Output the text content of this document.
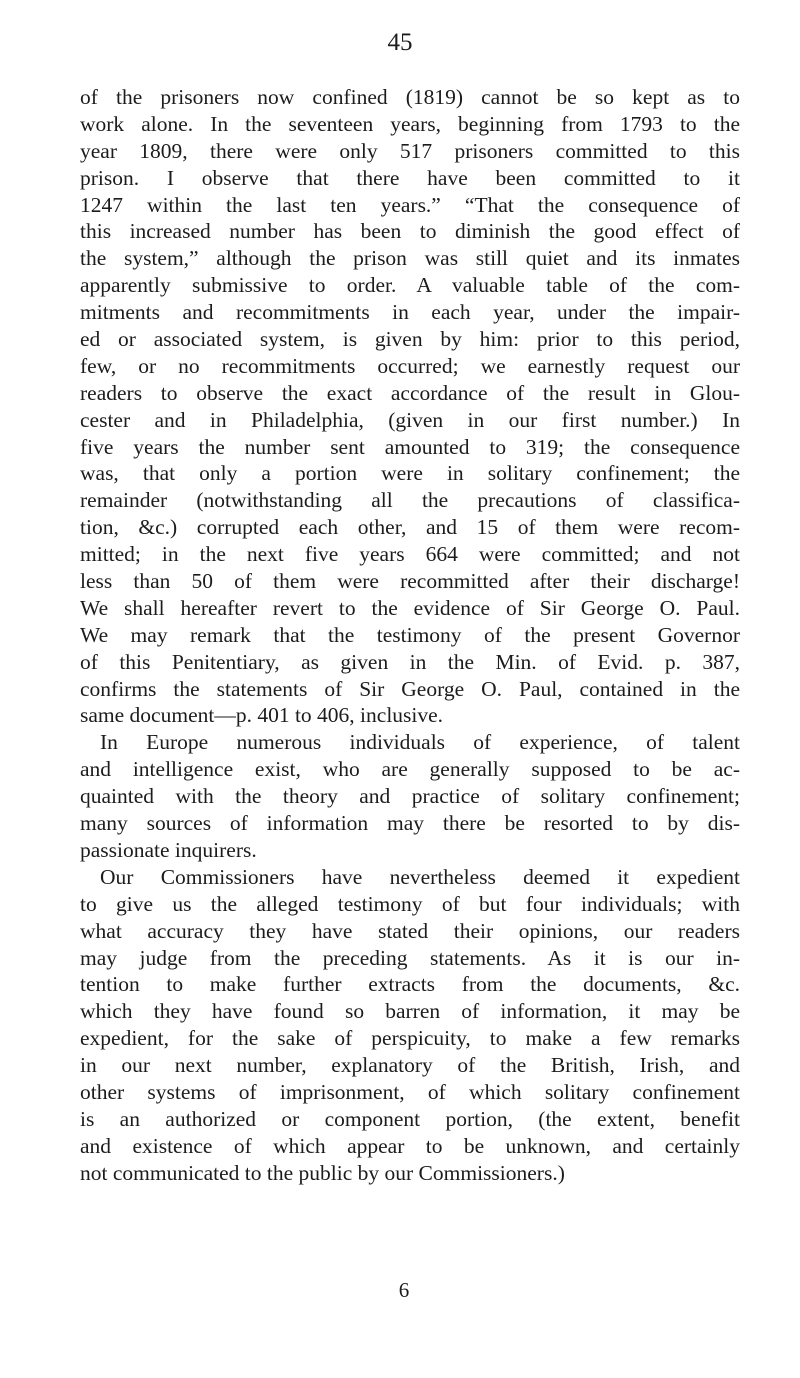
45
of the prisoners now confined (1819) cannot be so kept as to
work alone. In the seventeen years, beginning from 1793 to the
year 1809, there were only 517 prisoners committed to this
prison. I observe that there have been committed to it
1247 within the last ten years.” “That the consequence of
this increased number has been to diminish the good effect of
the system,” although the prison was still quiet and its inmates
apparently submissive to order. A valuable table of the com-
mitments and recommitments in each year, under the impair-
ed or associated system, is given by him: prior to this period,
few, or no recommitments occurred; we earnestly request our
readers to observe the exact accordance of the result in Glou-
cester and in Philadelphia, (given in our first number.) In
five years the number sent amounted to 319; the consequence
was, that only a portion were in solitary confinement; the
remainder (notwithstanding all the precautions of classifica-
tion, &c.) corrupted each other, and 15 of them were recom-
mitted; in the next five years 664 were committed; and not
less than 50 of them were recommitted after their discharge!
We shall hereafter revert to the evidence of Sir George O. Paul.
We may remark that the testimony of the present Governor
of this Penitentiary, as given in the Min. of Evid. p. 387,
confirms the statements of Sir George O. Paul, contained in the
same document—p. 401 to 406, inclusive.
In Europe numerous individuals of experience, of talent
and intelligence exist, who are generally supposed to be ac-
quainted with the theory and practice of solitary confinement;
many sources of information may there be resorted to by dis-
passionate inquirers.
Our Commissioners have nevertheless deemed it expedient
to give us the alleged testimony of but four individuals; with
what accuracy they have stated their opinions, our readers
may judge from the preceding statements. As it is our in-
tention to make further extracts from the documents, &c.
which they have found so barren of information, it may be
expedient, for the sake of perspicuity, to make a few remarks
in our next number, explanatory of the British, Irish, and
other systems of imprisonment, of which solitary confinement
is an authorized or component portion, (the extent, benefit
and existence of which appear to be unknown, and certainly
not communicated to the public by our Commissioners.)
6
